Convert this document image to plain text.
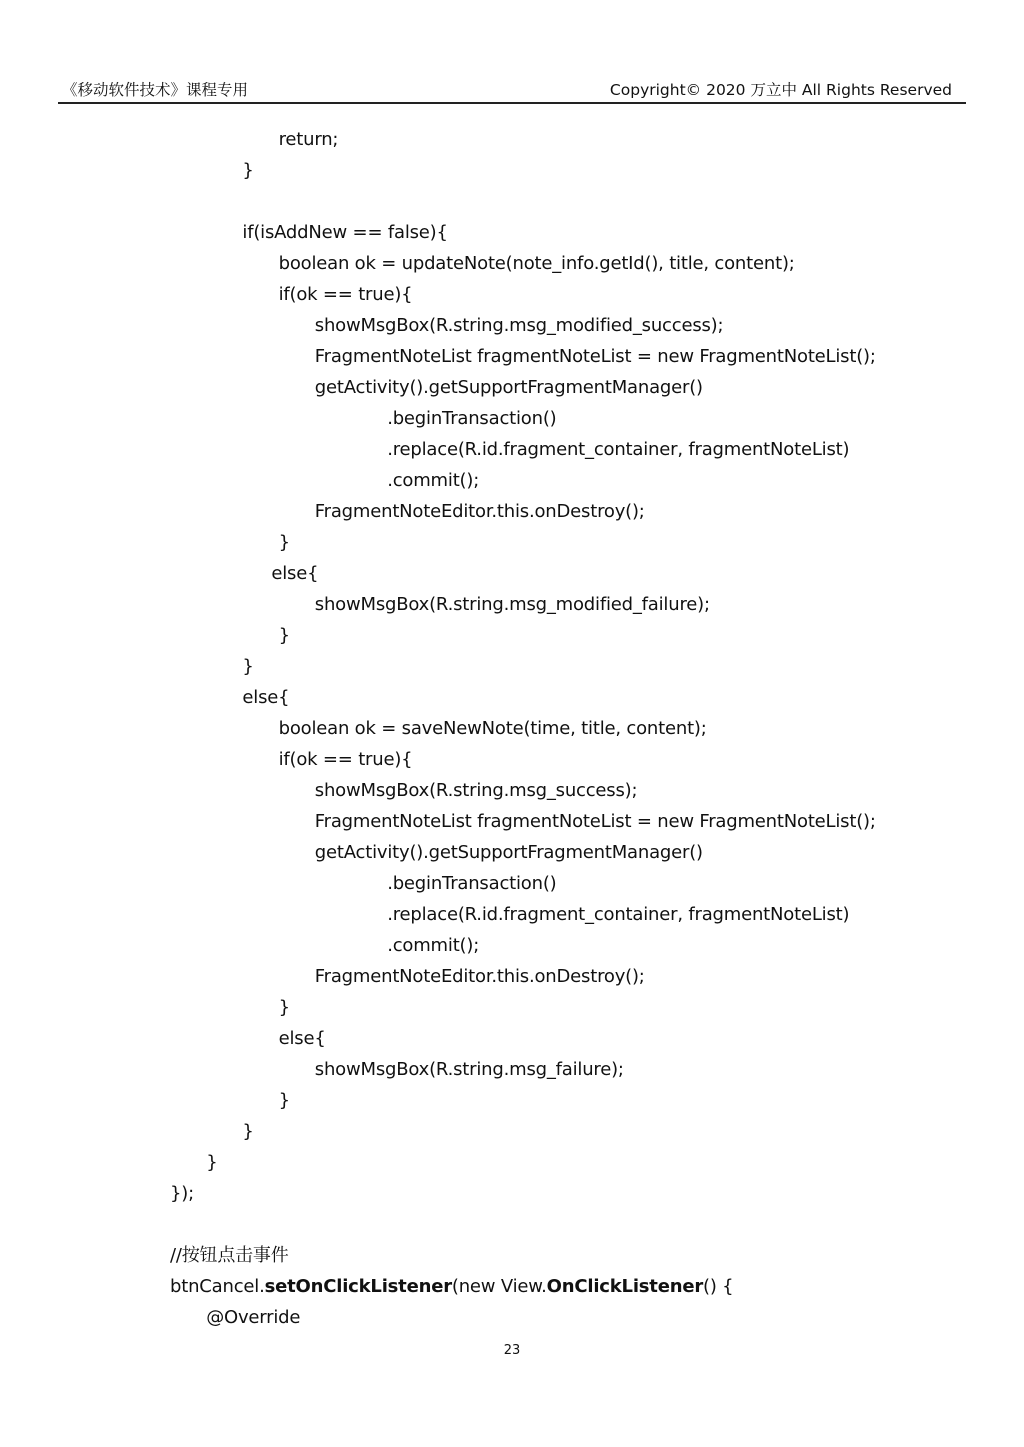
《移动软件技术》课程专用	Copyright© 2020 万立中 All Rights Reserved
return;
}
if(isAddNew == false){
boolean ok = updateNote(note_info.getId(), title, content);
if(ok == true){
showMsgBox(R.string.msg_modified_success);
FragmentNoteList fragmentNoteList = new FragmentNoteList();
getActivity().getSupportFragmentManager()
.beginTransaction()
.replace(R.id.fragment_container, fragmentNoteList)
.commit();
FragmentNoteEditor.this.onDestroy();
}
else{
showMsgBox(R.string.msg_modified_failure);
}
}
else{
boolean ok = saveNewNote(time, title, content);
if(ok == true){
showMsgBox(R.string.msg_success);
FragmentNoteList fragmentNoteList = new FragmentNoteList();
getActivity().getSupportFragmentManager()
.beginTransaction()
.replace(R.id.fragment_container, fragmentNoteList)
.commit();
FragmentNoteEditor.this.onDestroy();
}
else{
showMsgBox(R.string.msg_failure);
}
}
}
});
//按钮点击事件
btnCancel.setOnClickListener(new View.OnClickListener() {
@Override
23
